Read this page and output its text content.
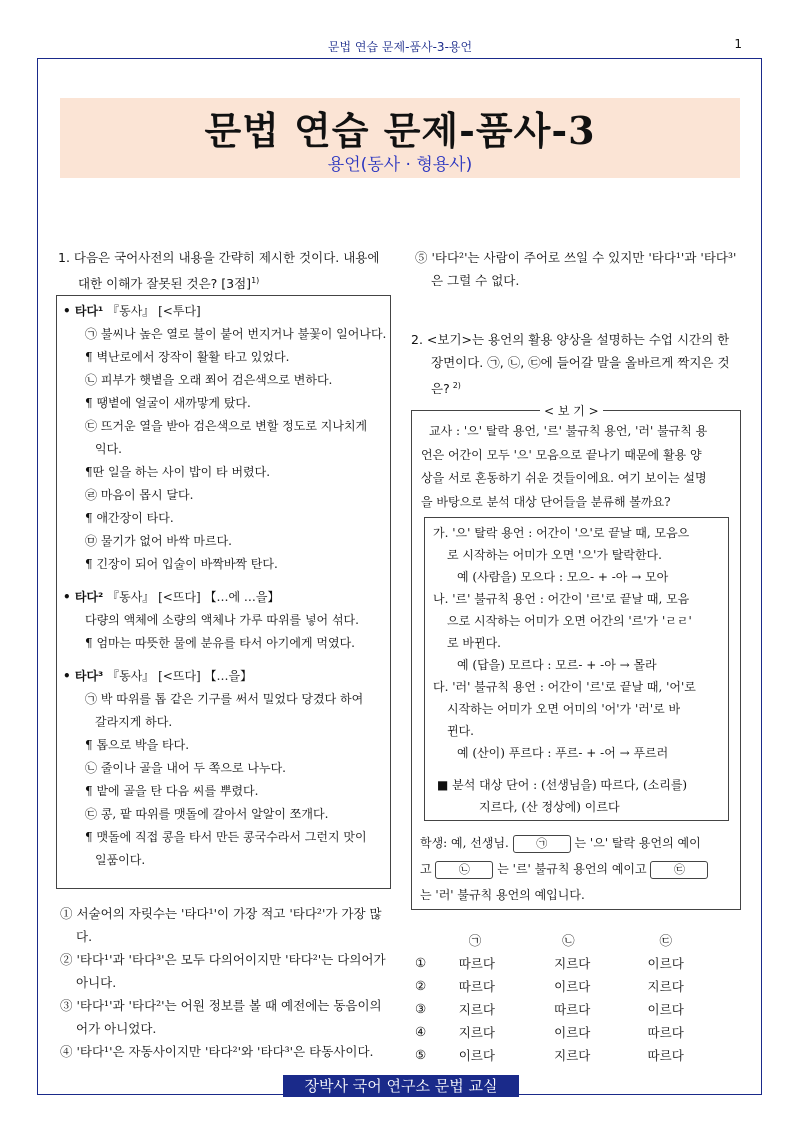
문법 연습 문제-품사-3-용언	1
문법 연습 문제-품사-3
용언(동사 · 형용사)
1. 다음은 국어사전의 내용을 간략히 제시한 것이다. 내용에
대한 이해가 잘못된 것은? [3점]$^{1)}$
• 타다¹ 『동사』 [<투다]
㉠ 불씨나 높은 열로 불이 붙어 번지거나 불꽃이 일어나다.
¶ 벽난로에서 장작이 활활 타고 있었다.
㉡ 피부가 햇볕을 오래 쬐어 검은색으로 변하다.
¶ 땡볕에 얼굴이 새까맣게 탔다.
㉢ 뜨거운 열을 받아 검은색으로 변할 정도로 지나치게
익다.
¶딴 일을 하는 사이 밥이 타 버렸다.
㉣ 마음이 몹시 달다.
¶ 애간장이 타다.
㉤ 물기가 없어 바싹 마르다.
¶ 긴장이 되어 입술이 바짝바짝 탄다.
• 타다² 『동사』 [<뜨다] 【…에 …을】
다량의 액체에 소량의 액체나 가루 따위를 넣어 섞다.
¶ 엄마는 따뜻한 물에 분유를 타서 아기에게 먹였다.
• 타다³ 『동사』 [<뜨다] 【…을】
㉠ 박 따위를 톱 같은 기구를 써서 밀었다 당겼다 하여
갈라지게 하다.
¶ 톱으로 박을 타다.
㉡ 줄이나 골을 내어 두 쪽으로 나누다.
¶ 밭에 골을 탄 다음 씨를 뿌렸다.
㉢ 콩, 팥 따위를 맷돌에 갈아서 알알이 쪼개다.
¶ 맷돌에 직접 콩을 타서 만든 콩국수라서 그런지 맛이
일품이다.
① 서술어의 자릿수는 '타다¹'이 가장 적고 '타다²'가 가장 많
다.
② '타다¹'과 '타다³'은 모두 다의어이지만 '타다²'는 다의어가
아니다.
③ '타다¹'과 '타다²'는 어원 정보를 볼 때 예전에는 동음이의
어가 아니었다.
④ '타다¹'은 자동사이지만 '타다²'와 '타다³'은 타동사이다.
2. <보기>는 용언의 활용 양상을 설명하는 수업 시간의 한
장면이다. ㉠, ㉡, ㉢에 들어갈 말을 올바르게 짝지은 것
은? $^{2)}$
< 보 기 >
교사 : '으' 탈락 용언, '르' 불규칙 용언, '러' 불규칙 용
언은 어간이 모두 '으' 모음으로 끝나기 때문에 활용 양
상을 서로 혼동하기 쉬운 것들이에요. 여기 보이는 설명
을 바탕으로 분석 대상 단어들을 분류해 볼까요?
가. '으' 탈락 용언 : 어간이 '으'로 끝날 때, 모음으
로 시작하는 어미가 오면 '으'가 탈락한다.
예 (사람을) 모으다 : 모으- + -아 → 모아
나. '르' 불규칙 용언 : 어간이 '르'로 끝날 때, 모음
으로 시작하는 어미가 오면 어간의 '르'가 'ㄹㄹ'
로 바뀐다.
예 (답을) 모르다 : 모르- + -아 → 몰라
다. '러' 불규칙 용언 : 어간이 '르'로 끝날 때, '어'로
시작하는 어미가 오면 어미의 '어'가 '러'로 바
뀐다.
예 (산이) 푸르다 : 푸르- + -어 → 푸르러
■ 분석 대상 단어 : (선생님을) 따르다, (소리를)
지르다, (산 정상에) 이르다
학생: 예, 선생님. ㉠ 는 '으' 탈락 용언의 예이
고 ㉡ 는 '르' 불규칙 용언의 예이고 ㉢
는 '러' 불규칙 용언의 예입니다.
	㉠	㉡	㉢
①	따르다	지르다	이르다
②	따르다	이르다	지르다
③	지르다	따르다	이르다
④	지르다	이르다	따르다
⑤	이르다	지르다	따르다
장박사 국어 연구소 문법 교실
⑤ '타다²'는 사람이 주어로 쓰일 수 있지만 '타다¹'과 '타다³'
은 그럴 수 없다.
